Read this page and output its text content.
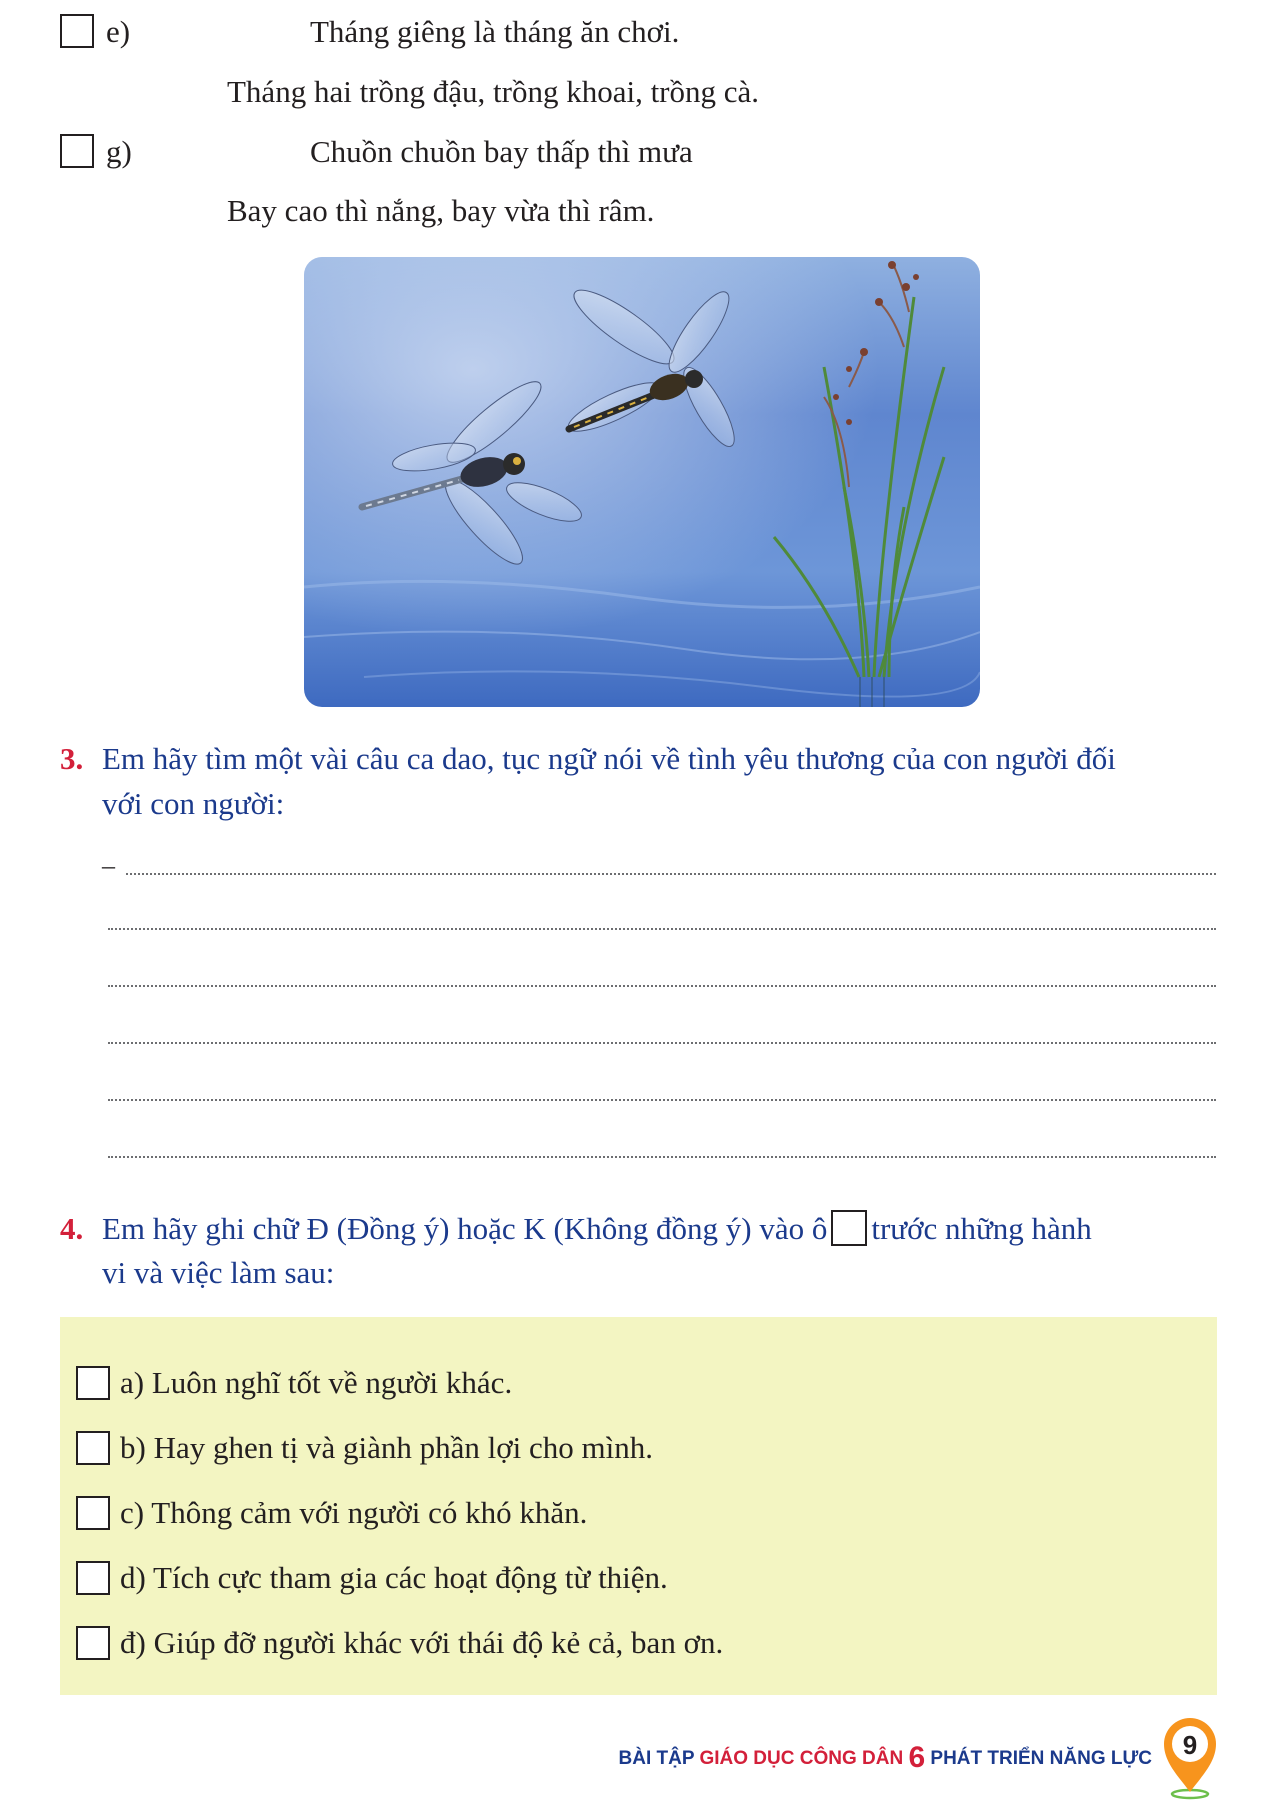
e)	Tháng giêng là tháng ăn chơi.
Tháng hai trồng đậu, trồng khoai, trồng cà.
g)	Chuồn chuồn bay thấp thì mưa
Bay cao thì nắng, bay vừa thì râm.
3. Em hãy tìm một vài câu ca dao, tục ngữ nói về tình yêu thương của con người đối
với con người:
–
4. Em hãy ghi chữ Đ (Đồng ý) hoặc K (Không đồng ý) vào ô trước những hành
vi và việc làm sau:
a) Luôn nghĩ tốt về người khác.
b) Hay ghen tị và giành phần lợi cho mình.
c) Thông cảm với người có khó khăn.
d) Tích cực tham gia các hoạt động từ thiện.
đ) Giúp đỡ người khác với thái độ kẻ cả, ban ơn.
BÀI TẬP GIÁO DỤC CÔNG DÂN 6 PHÁT TRIỂN NĂNG LỰC	9
